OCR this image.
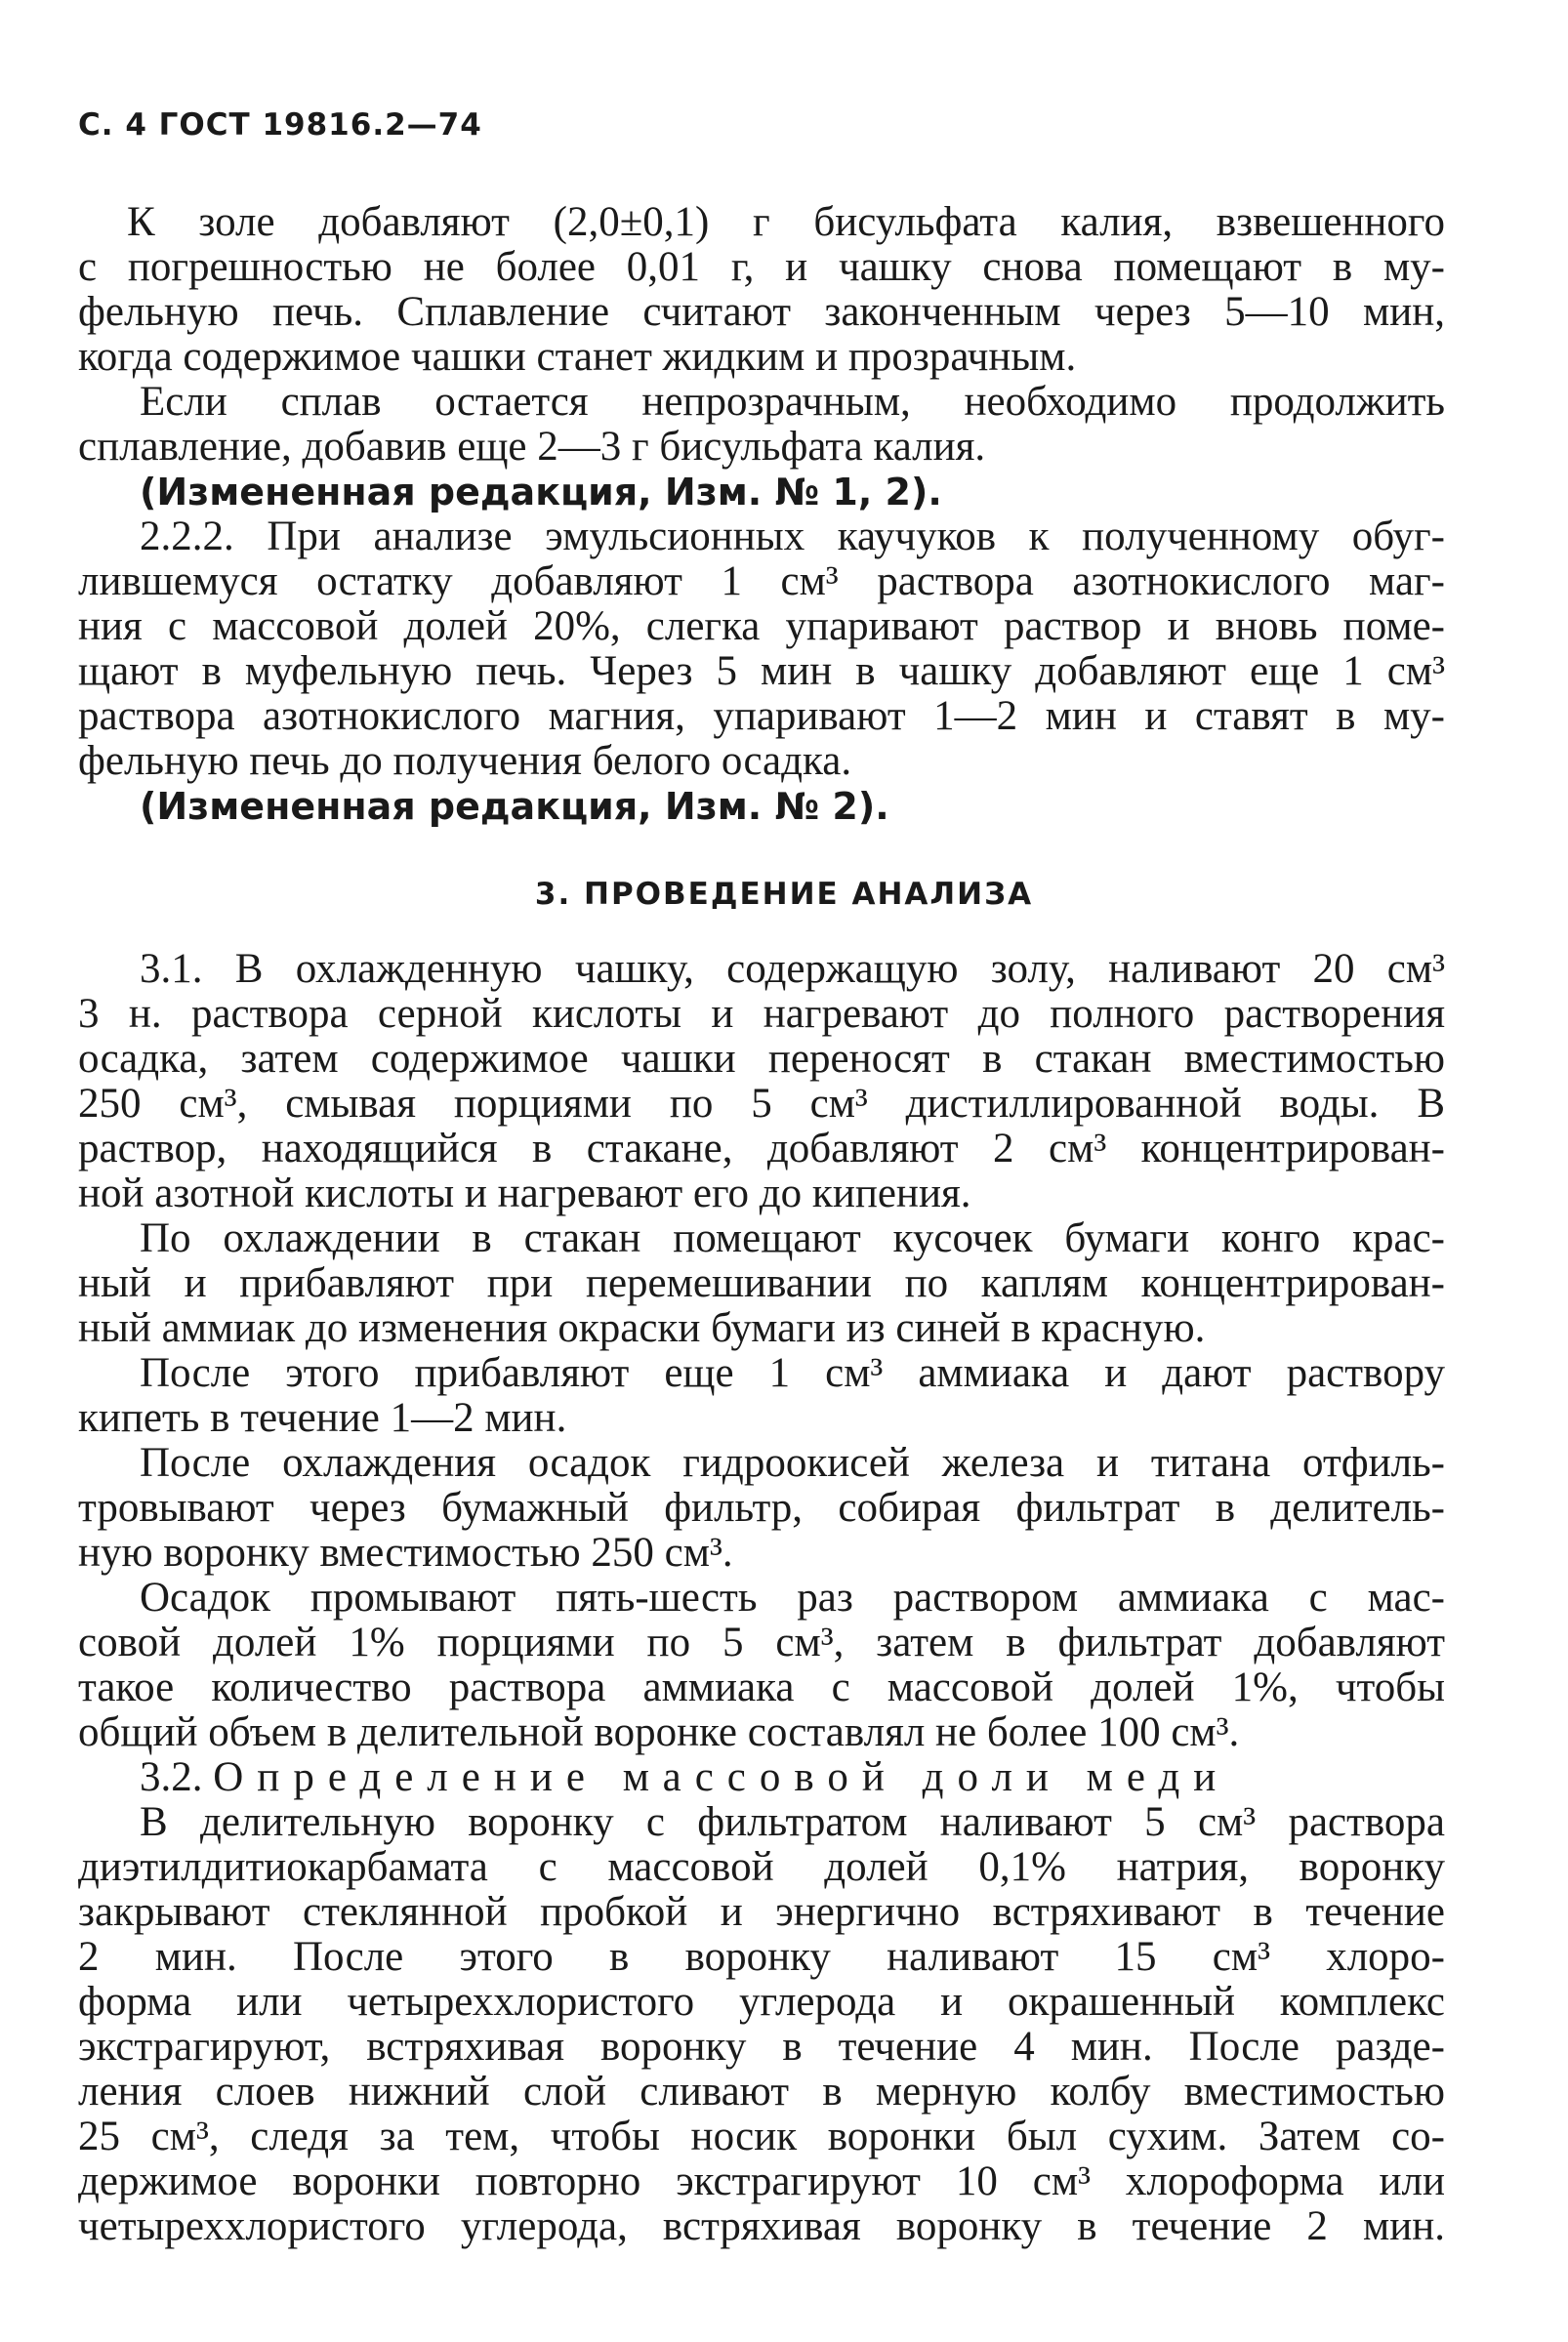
С. 4 ГОСТ 19816.2—74
К золе добавляют (2,0±0,1) г бисульфата калия, взвешенного
с погрешностью не более 0,01 г, и чашку снова помещают в му-
фельную печь. Сплавление считают законченным через 5—10 мин,
когда содержимое чашки станет жидким и прозрачным.
Если сплав остается непрозрачным, необходимо продолжить
сплавление, добавив еще 2—3 г бисульфата калия.
(Измененная редакция, Изм. № 1, 2).
2.2.2. При анализе эмульсионных каучуков к полученному обуг-
лившемуся остатку добавляют 1 см³ раствора азотнокислого маг-
ния с массовой долей 20%, слегка упаривают раствор и вновь поме-
щают в муфельную печь. Через 5 мин в чашку добавляют еще 1 см³
раствора азотнокислого магния, упаривают 1—2 мин и ставят в му-
фельную печь до получения белого осадка.
(Измененная редакция, Изм. № 2).
3. ПРОВЕДЕНИЕ АНАЛИЗА
3.1. В охлажденную чашку, содержащую золу, наливают 20 см³
3 н. раствора серной кислоты и нагревают до полного растворения
осадка, затем содержимое чашки переносят в стакан вместимостью
250 см³, смывая порциями по 5 см³ дистиллированной воды. В
раствор, находящийся в стакане, добавляют 2 см³ концентрирован-
ной азотной кислоты и нагревают его до кипения.
По охлаждении в стакан помещают кусочек бумаги конго крас-
ный и прибавляют при перемешивании по каплям концентрирован-
ный аммиак до изменения окраски бумаги из синей в красную.
После этого прибавляют еще 1 см³ аммиака и дают раствору
кипеть в течение 1—2 мин.
После охлаждения осадок гидроокисей железа и титана отфиль-
тровывают через бумажный фильтр, собирая фильтрат в делитель-
ную воронку вместимостью 250 см³.
Осадок промывают пять-шесть раз раствором аммиака с мас-
совой долей 1% порциями по 5 см³, затем в фильтрат добавляют
такое количество раствора аммиака с массовой долей 1%, чтобы
общий объем в делительной воронке составлял не более 100 см³.
3.2. Определение массовой доли меди
В делительную воронку с фильтратом наливают 5 см³ раствора
диэтилдитиокарбамата с массовой долей 0,1% натрия, воронку
закрывают стеклянной пробкой и энергично встряхивают в течение
2 мин. После этого в воронку наливают 15 см³ хлоро-
форма или четыреххлористого углерода и окрашенный комплекс
экстрагируют, встряхивая воронку в течение 4 мин. После разде-
ления слоев нижний слой сливают в мерную колбу вместимостью
25 см³, следя за тем, чтобы носик воронки был сухим. Затем со-
держимое воронки повторно экстрагируют 10 см³ хлороформа или
четыреххлористого углерода, встряхивая воронку в течение 2 мин.
